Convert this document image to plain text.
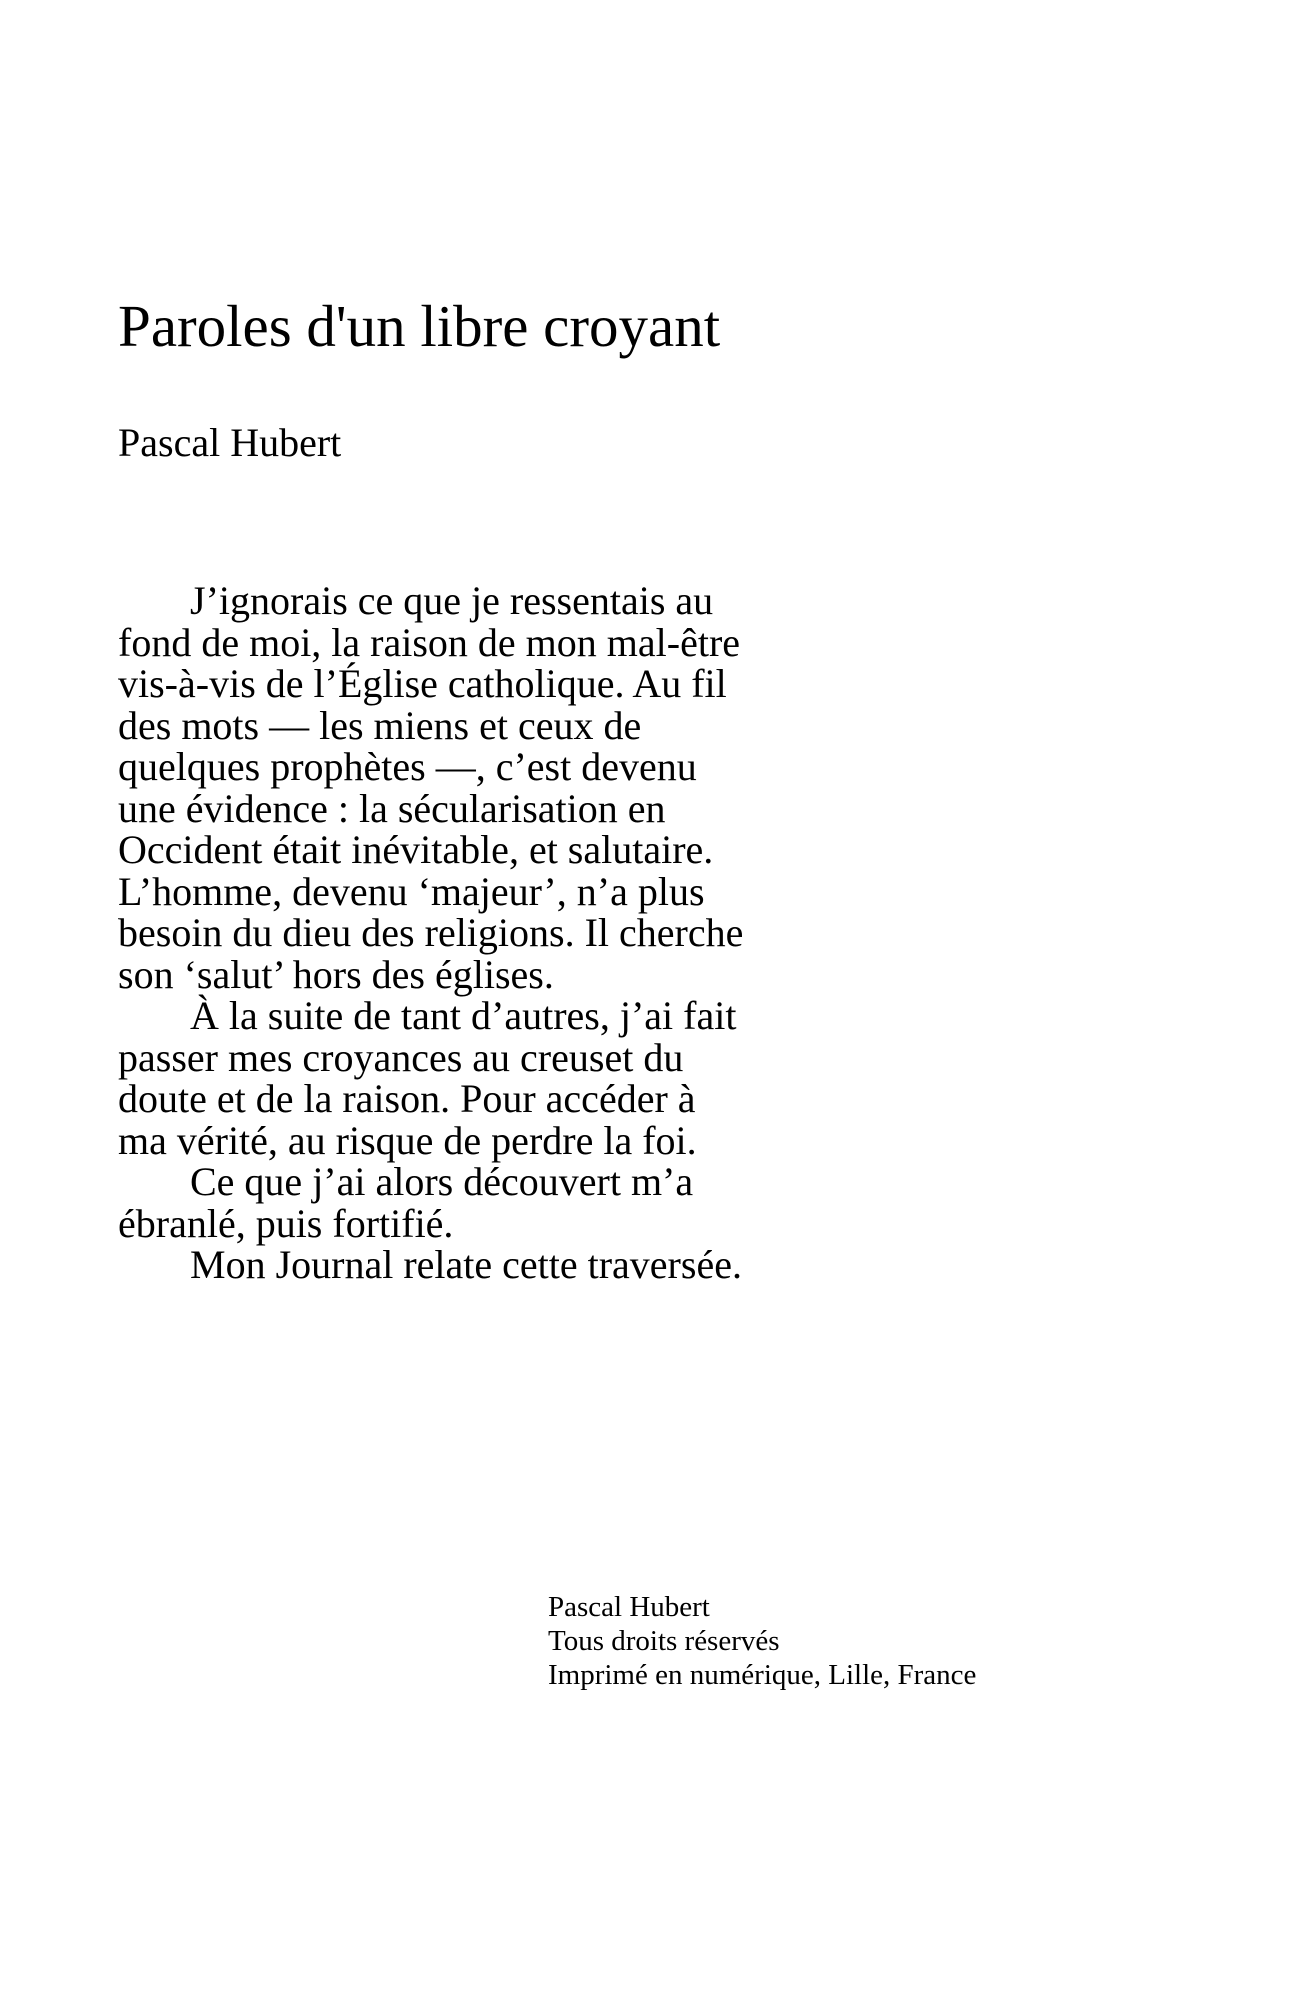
Paroles d'un libre croyant

Pascal Hubert

J’ignorais ce que je ressentais au
fond de moi, la raison de mon mal-être
vis-à-vis de l’Église catholique. Au fil
des mots — les miens et ceux de
quelques prophètes —, c’est devenu
une évidence : la sécularisation en
Occident était inévitable, et salutaire.
L’homme, devenu ‘majeur’, n’a plus
besoin du dieu des religions. Il cherche
son ‘salut’ hors des églises.
À la suite de tant d’autres, j’ai fait
passer mes croyances au creuset du
doute et de la raison. Pour accéder à
ma vérité, au risque de perdre la foi.
Ce que j’ai alors découvert m’a
ébranlé, puis fortifié.
Mon Journal relate cette traversée.
Pascal Hubert
Tous droits réservés
Imprimé en numérique, Lille, France
